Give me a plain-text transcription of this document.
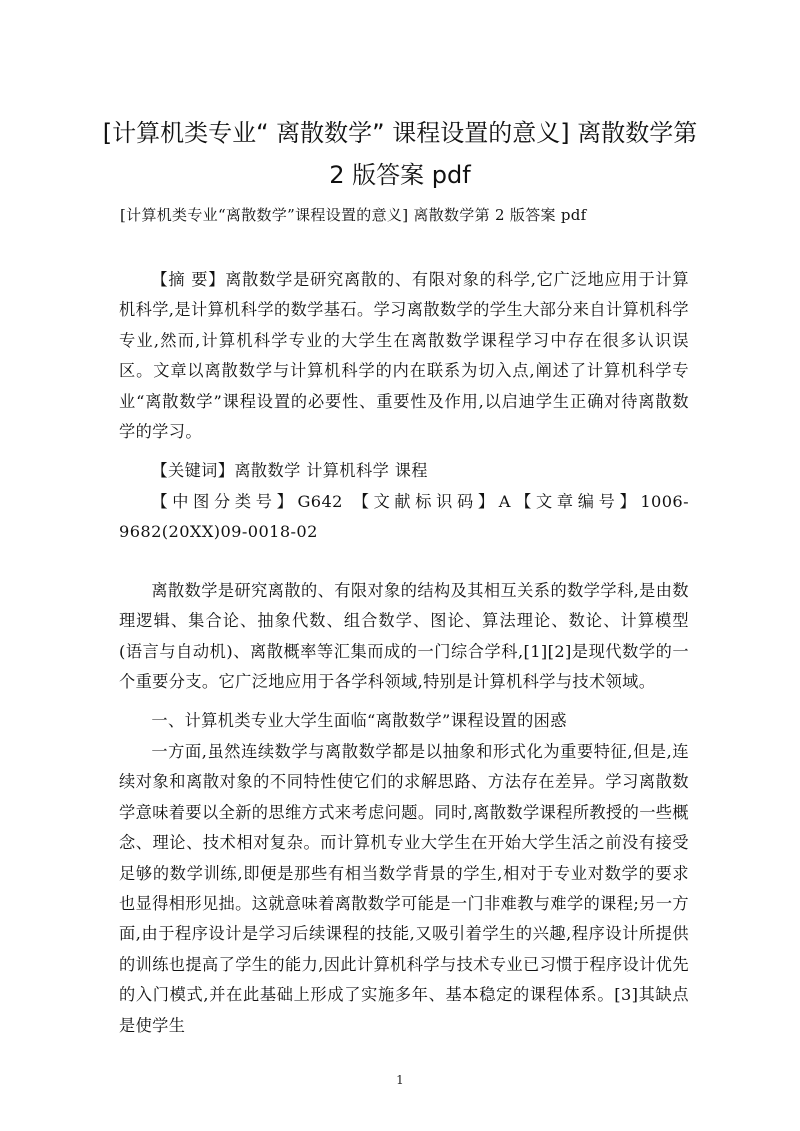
[计算机类专业“ 离散数学” 课程设置的意义] 离散数学第
2 版答案 pdf
[计算机类专业“离散数学”课程设置的意义] 离散数学第 2 版答案 pdf

【摘 要】离散数学是研究离散的、有限对象的科学,它广泛地应用于计算机科学,是计算机科学的数学基石。学习离散数学的学生大部分来自计算机科学专业,然而,计算机科学专业的大学生在离散数学课程学习中存在很多认识误区。文章以离散数学与计算机科学的内在联系为切入点,阐述了计算机科学专业“离散数学”课程设置的必要性、重要性及作用,以启迪学生正确对待离散数学的学习。

【关键词】离散数学 计算机科学 课程

【中图分类号】G642 【文献标识码】A【文章编号】1006-9682(20XX)09-0018-02

离散数学是研究离散的、有限对象的结构及其相互关系的数学学科,是由数理逻辑、集合论、抽象代数、组合数学、图论、算法理论、数论、计算模型(语言与自动机)、离散概率等汇集而成的一门综合学科,[1][2]是现代数学的一个重要分支。它广泛地应用于各学科领域,特别是计算机科学与技术领域。

一、计算机类专业大学生面临“离散数学”课程设置的困惑

一方面,虽然连续数学与离散数学都是以抽象和形式化为重要特征,但是,连续对象和离散对象的不同特性使它们的求解思路、方法存在差异。学习离散数学意味着要以全新的思维方式来考虑问题。同时,离散数学课程所教授的一些概念、理论、技术相对复杂。而计算机专业大学生在开始大学生活之前没有接受足够的数学训练,即便是那些有相当数学背景的学生,相对于专业对数学的要求也显得相形见拙。这就意味着离散数学可能是一门非难教与难学的课程;另一方面,由于程序设计是学习后续课程的技能,又吸引着学生的兴趣,程序设计所提供的训练也提高了学生的能力,因此计算机科学与技术专业已习惯于程序设计优先的入门模式,并在此基础上形成了实施多年、基本稳定的课程体系。[3]其缺点是使学生

1
